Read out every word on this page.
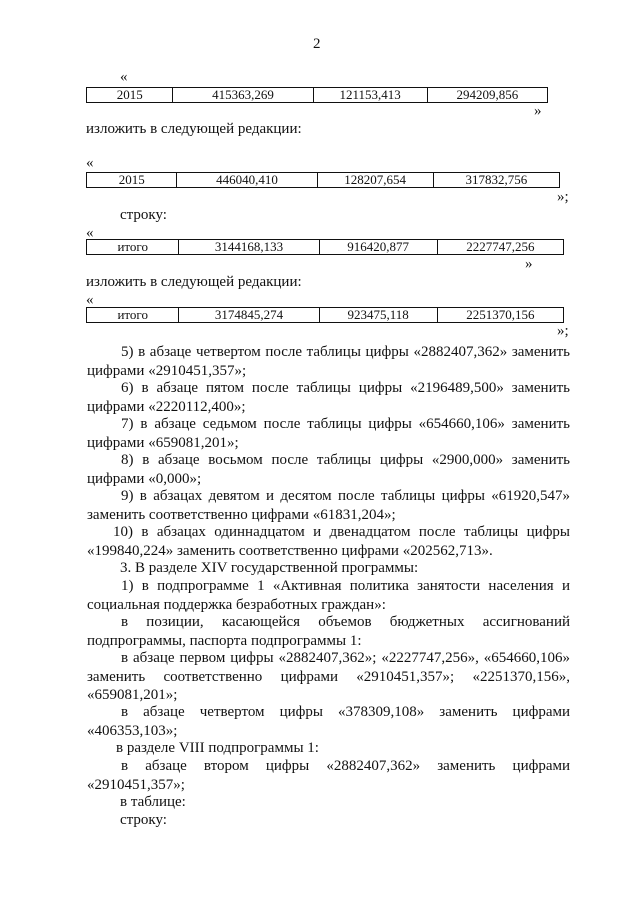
2
«
2015	415363,269	121153,413	294209,856
»
изложить в следующей редакции:
«
2015	446040,410	128207,654	317832,756
»;
строку:
«
итого	3144168,133	916420,877	2227747,256
»
изложить в следующей редакции:
«
итого	3174845,274	923475,118	2251370,156
»;
5) в абзаце четвертом после таблицы цифры «2882407,362» заменить цифрами «2910451,357»;
6) в абзаце пятом после таблицы цифры «2196489,500» заменить цифрами «2220112,400»;
7) в абзаце седьмом после таблицы цифры «654660,106» заменить цифрами «659081,201»;
8) в абзаце восьмом после таблицы цифры «2900,000» заменить цифрами «0,000»;
9) в абзацах девятом и десятом после таблицы цифры «61920,547» заменить соответственно цифрами «61831,204»;
10) в абзацах одиннадцатом и двенадцатом после таблицы цифры «199840,224» заменить соответственно цифрами «202562,713».
3. В разделе XIV государственной программы:
1) в подпрограмме 1 «Активная политика занятости населения и социальная поддержка безработных граждан»:
в позиции, касающейся объемов бюджетных ассигнований подпрограммы, паспорта подпрограммы 1:
в абзаце первом цифры «2882407,362»; «2227747,256», «654660,106» заменить соответственно цифрами «2910451,357»; «2251370,156», «659081,201»;
в абзаце четвертом цифры «378309,108» заменить цифрами «406353,103»;
в разделе VIII подпрограммы 1:
в абзаце втором цифры «2882407,362» заменить цифрами «2910451,357»;
в таблице:
строку:
